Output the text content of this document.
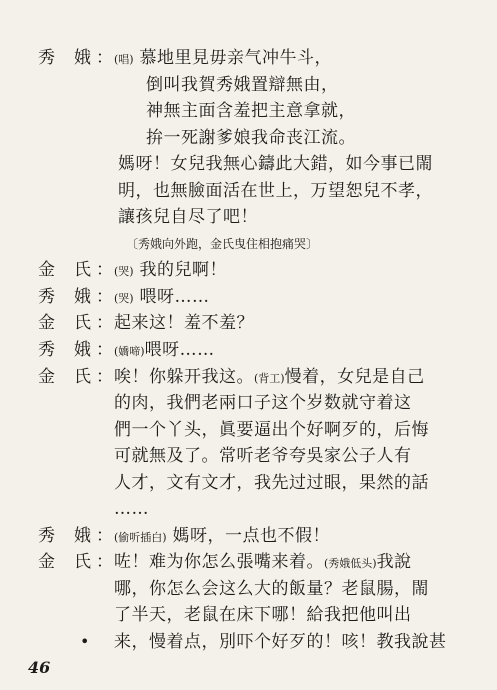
秀　娥 ： (唱) 慕地里見毋亲气冲牛斗，
倒叫我賀秀娥置辯無由，
神無主面含羞把主意拿就，
拚一死謝爹娘我命丧江流。
媽呀！女兒我無心鑄此大錯，如今事已閙
明，也無臉面活在世上，万望恕兒不孝，
讓孩兒自尽了吧！
〔秀娥向外跑，金氏曳住相抱痛哭〕
金　氏 ： (哭) 我的兒啊！
秀　娥 ： (哭) 喂呀……
金　氏 ： 起来这！羞不羞？
秀　娥 ： (嬌啼)喂呀……
金　氏 ： 唉！你躲开我这。(背工)慢着，女兒是自己
的肉，我們老兩口子这个岁数就守着这
們一个丫头，眞要逼出个好啊歹的，后悔
可就無及了。常听老爷夸吳家公子人有
人才，文有文才，我先过过眼，果然的話
……
秀　娥 ： (偷听插白) 媽呀，一点也不假！
金　氏 ： 咗！难为你怎么張嘴来着。(秀娥低头)我說
哪，你怎么会这么大的飯量？老鼠腸，閙
了半天，老鼠在床下哪！給我把他叫出
• 来，慢着点，別吓个好歹的！咳！教我說甚
46
